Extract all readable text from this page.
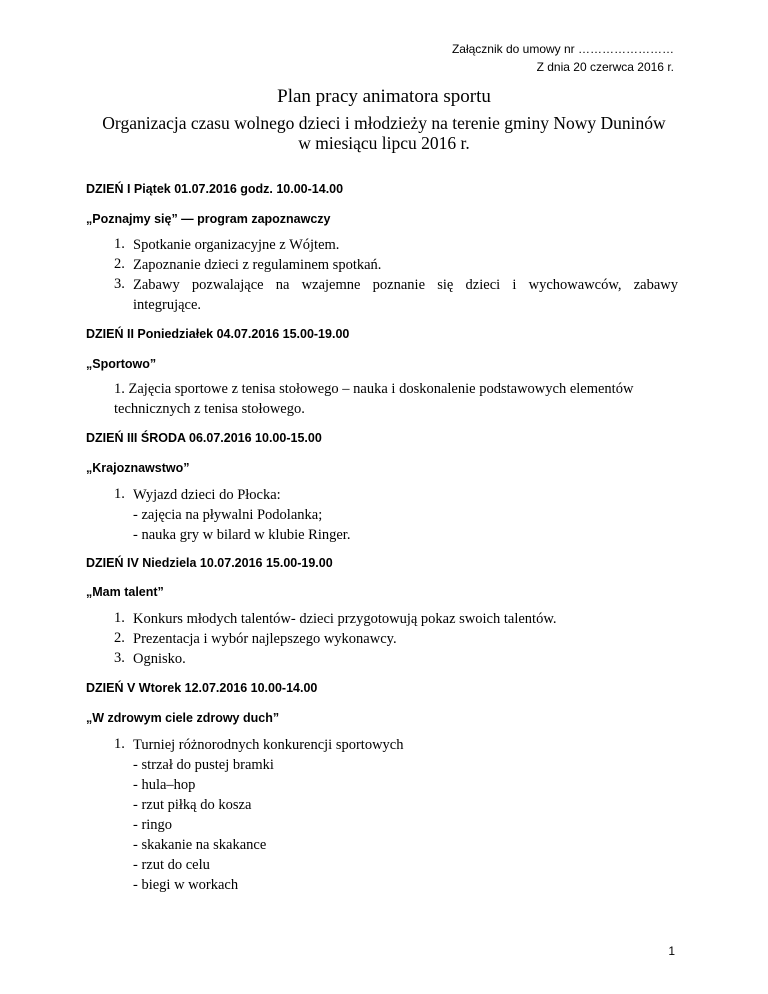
Załącznik do umowy nr ……………………
Z dnia 20 czerwca 2016 r.
Plan pracy animatora sportu
Organizacja czasu wolnego dzieci i młodzieży na terenie gminy Nowy Duninów
w miesiącu lipcu 2016 r.
DZIEŃ I Piątek 01.07.2016 godz. 10.00-14.00
„Poznajmy się” — program zapoznawczy
1. Spotkanie organizacyjne z Wójtem.
2. Zapoznanie dzieci z regulaminem spotkań.
3. Zabawy pozwalające na wzajemne poznanie się dzieci i wychowawców, zabawy
integrujące.
DZIEŃ II Poniedziałek 04.07.2016 15.00-19.00
„Sportowo”
1. Zajęcia sportowe z tenisa stołowego – nauka i doskonalenie podstawowych elementów
technicznych z tenisa stołowego.
DZIEŃ III ŚRODA 06.07.2016 10.00-15.00
„Krajoznawstwo”
1. Wyjazd dzieci do Płocka:
- zajęcia na pływalni Podolanka;
- nauka gry w bilard w klubie Ringer.
DZIEŃ IV Niedziela 10.07.2016 15.00-19.00
„Mam talent”
1. Konkurs młodych talentów- dzieci przygotowują pokaz swoich talentów.
2. Prezentacja i wybór najlepszego wykonawcy.
3. Ognisko.
DZIEŃ V Wtorek 12.07.2016 10.00-14.00
„W zdrowym ciele zdrowy duch”
1. Turniej różnorodnych konkurencji sportowych
- strzał do pustej bramki
- hula–hop
- rzut piłką do kosza
- ringo
- skakanie na skakance
- rzut do celu
- biegi w workach
1
